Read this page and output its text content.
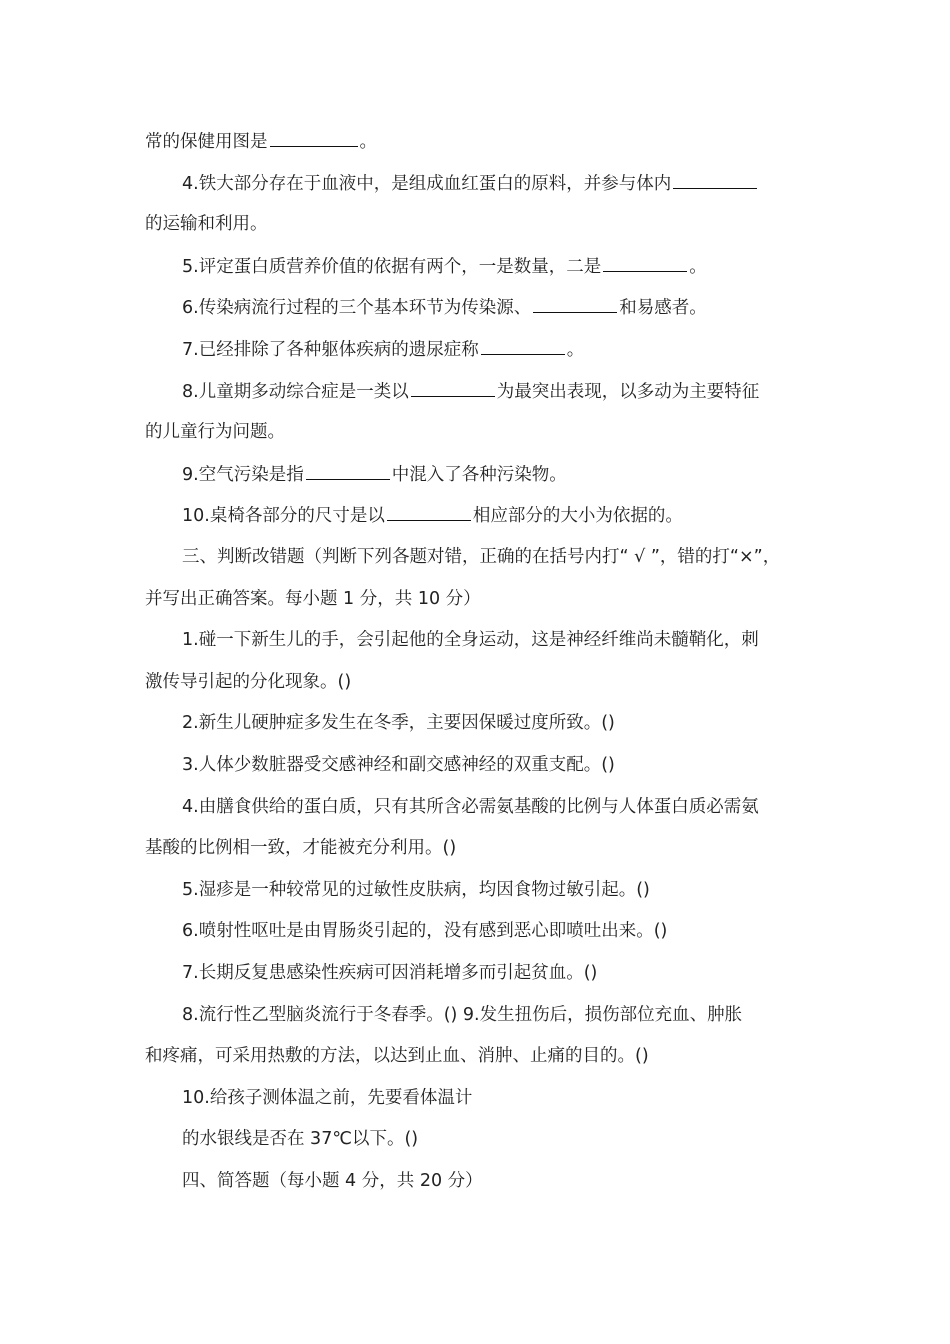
常的保健用图是	。
4.铁大部分存在于血液中，是组成血红蛋白的原料，并参与体内
的运输和利用。
5.评定蛋白质营养价值的依据有两个，一是数量，二是	。
6.传染病流行过程的三个基本环节为传染源、	和易感者。
7.已经排除了各种躯体疾病的遗尿症称	。
8.儿童期多动综合症是一类以	为最突出表现，以多动为主要特征
的儿童行为问题。
9.空气污染是指	中混入了各种污染物。
10.桌椅各部分的尺寸是以	相应部分的大小为依据的。
三、判断改错题（判断下列各题对错，正确的在括号内打“ √ ”，错的打“×”，
并写出正确答案。每小题 1 分，共 10 分）
1.碰一下新生儿的手，会引起他的全身运动，这是神经纤维尚未髓鞘化，刺
激传导引起的分化现象。()
2.新生儿硬肿症多发生在冬季，主要因保暖过度所致。()
3.人体少数脏器受交感神经和副交感神经的双重支配。()
4.由膳食供给的蛋白质，只有其所含必需氨基酸的比例与人体蛋白质必需氨
基酸的比例相一致，才能被充分利用。()
5.湿疹是一种较常见的过敏性皮肤病，均因食物过敏引起。()
6.喷射性呕吐是由胃肠炎引起的，没有感到恶心即喷吐出来。()
7.长期反复患感染性疾病可因消耗增多而引起贫血。()
8.流行性乙型脑炎流行于冬春季。() 9.发生扭伤后，损伤部位充血、肿胀
和疼痛，可采用热敷的方法，以达到止血、消肿、止痛的目的。()
10.给孩子测体温之前，先要看体温计
的水银线是否在 37℃以下。()
四、简答题（每小题 4 分，共 20 分）
